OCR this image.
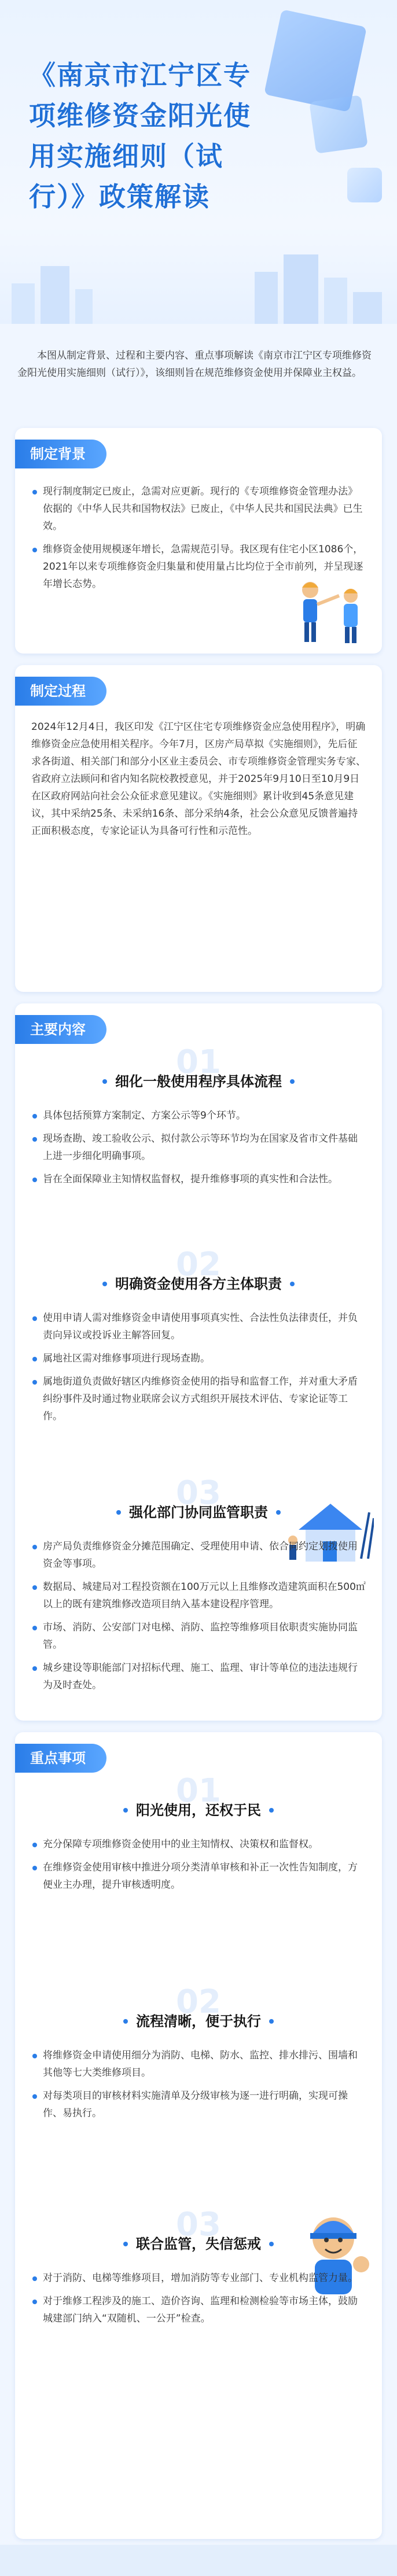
《南京市江宁区专项维修资金阳光使用实施细则（试行）》政策解读
本图从制定背景、过程和主要内容、重点事项解读《南京市江宁区专项维修资金阳光使用实施细则（试行）》，该细则旨在规范维修资金使用并保障业主权益。
制定背景
现行制度制定已废止，急需对应更新。现行的《专项维修资金管理办法》依据的《中华人民共和国物权法》已废止，《中华人民共和国民法典》已生效。
维修资金使用规模逐年增长，急需规范引导。我区现有住宅小区1086个，2021年以来专项维修资金归集量和使用量占比均位于全市前列，并呈现逐年增长态势。
制定过程
2024年12月4日，我区印发《江宁区住宅专项维修资金应急使用程序》，明确维修资金应急使用相关程序。今年7月，区房产局草拟《实施细则》，先后征求各街道、相关部门和部分小区业主委员会、市专项维修资金管理实务专家、省政府立法顾问和省内知名院校教授意见，并于2025年9月10日至10月9日在区政府网站向社会公众征求意见建议。《实施细则》累计收到45条意见建议，其中采纳25条、未采纳16条、部分采纳4条，社会公众意见反馈普遍持正面积极态度，专家论证认为具备可行性和示范性。
主要内容
01
细化一般使用程序具体流程
具体包括预算方案制定、方案公示等9个环节。
现场查勘、竣工验收公示、拟付款公示等环节均为在国家及省市文件基础上进一步细化明确事项。
旨在全面保障业主知情权监督权，提升维修事项的真实性和合法性。
02
明确资金使用各方主体职责
使用申请人需对维修资金申请使用事项真实性、合法性负法律责任，并负责向异议或投诉业主解答回复。
属地社区需对维修事项进行现场查勘。
属地街道负责做好辖区内维修资金使用的指导和监督工作，并对重大矛盾纠纷事件及时通过物业联席会议方式组织开展技术评估、专家论证等工作。
03
强化部门协同监管职责
房产局负责维修资金分摊范围确定、受理使用申请、依合同约定划拨使用资金等事项。
数据局、城建局对工程投资额在100万元以上且维修改造建筑面积在500㎡以上的既有建筑维修改造项目纳入基本建设程序管理。
市场、消防、公安部门对电梯、消防、监控等维修项目依职责实施协同监管。
城乡建设等职能部门对招标代理、施工、监理、审计等单位的违法违规行为及时查处。
重点事项
01
阳光使用，还权于民
充分保障专项维修资金使用中的业主知情权、决策权和监督权。
在维修资金使用审核中推进分项分类清单审核和补正一次性告知制度，方便业主办理，提升审核透明度。
02
流程清晰，便于执行
将维修资金申请使用细分为消防、电梯、防水、监控、排水排污、围墙和其他等七大类维修项目。
对每类项目的审核材料实施清单及分级审核为逐一进行明确，实现可操作、易执行。
03
联合监管，失信惩戒
对于消防、电梯等维修项目，增加消防等专业部门、专业机构监管力量。
对于维修工程涉及的施工、造价咨询、监理和检测检验等市场主体，鼓励城建部门纳入“双随机、一公开”检查。
